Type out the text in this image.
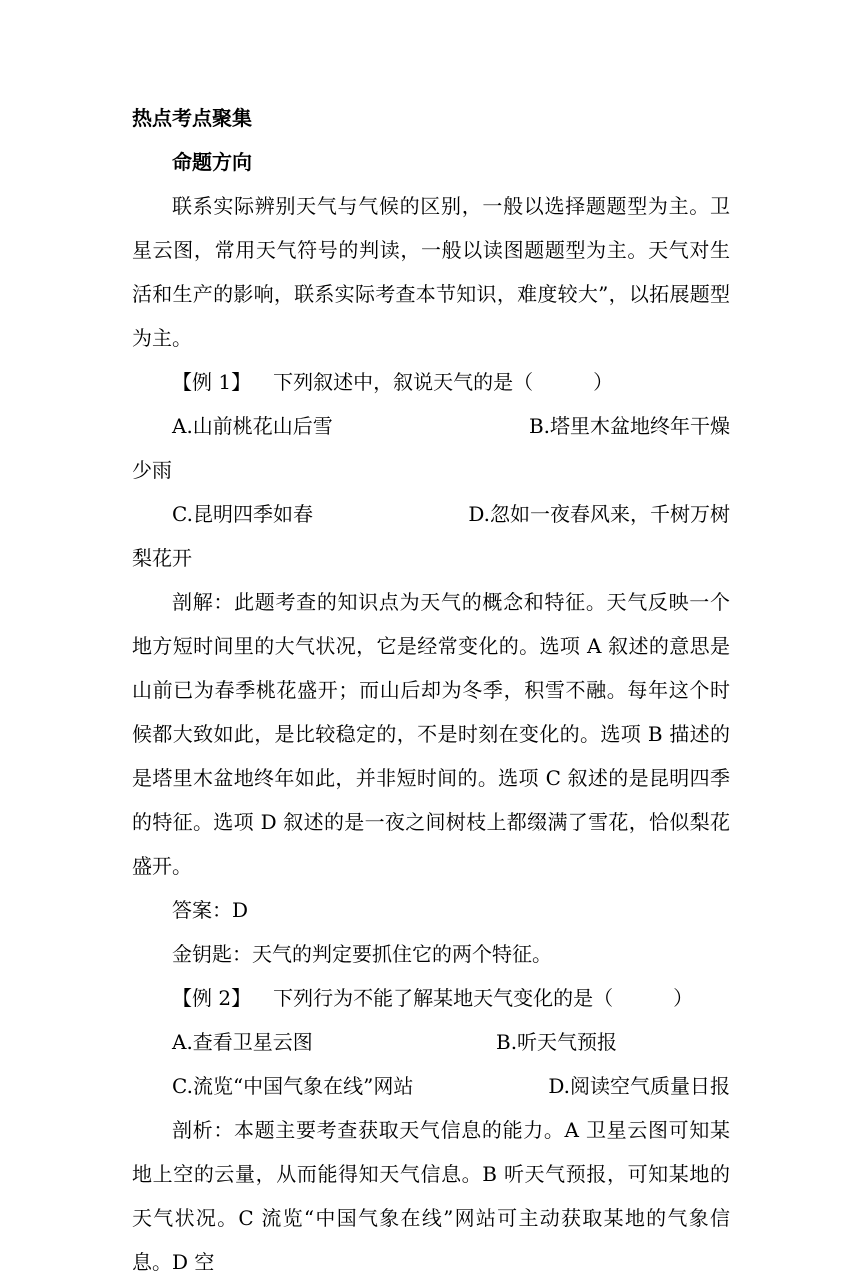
热点考点聚集
命题方向
联系实际辨别天气与气候的区别，一般以选择题题型为主。卫星云图，常用天气符号的判读，一般以读图题题型为主。天气对生活和生产的影响，联系实际考查本节知识，难度较大”，以拓展题型为主。
【例 1】 下列叙述中，叙说天气的是（　　　）
A.山前桃花山后雪	B.塔里木盆地终年干燥
少雨
C.昆明四季如春	D.忽如一夜春风来，千树万树
梨花开
剖解：此题考查的知识点为天气的概念和特征。天气反映一个地方短时间里的大气状况，它是经常变化的。选项 A 叙述的意思是山前已为春季桃花盛开；而山后却为冬季，积雪不融。每年这个时候都大致如此，是比较稳定的，不是时刻在变化的。选项 B 描述的是塔里木盆地终年如此，并非短时间的。选项 C 叙述的是昆明四季的特征。选项 D 叙述的是一夜之间树枝上都缀满了雪花，恰似梨花盛开。
答案：D
金钥匙：天气的判定要抓住它的两个特征。
【例 2】 下列行为不能了解某地天气变化的是（　　　）
A.查看卫星云图	B.听天气预报
C.流览“中国气象在线”网站	D.阅读空气质量日报
剖析：本题主要考查获取天气信息的能力。A 卫星云图可知某地上空的云量，从而能得知天气信息。B 听天气预报，可知某地的天气状况。C 流览“中国气象在线”网站可主动获取某地的气象信息。D 空
